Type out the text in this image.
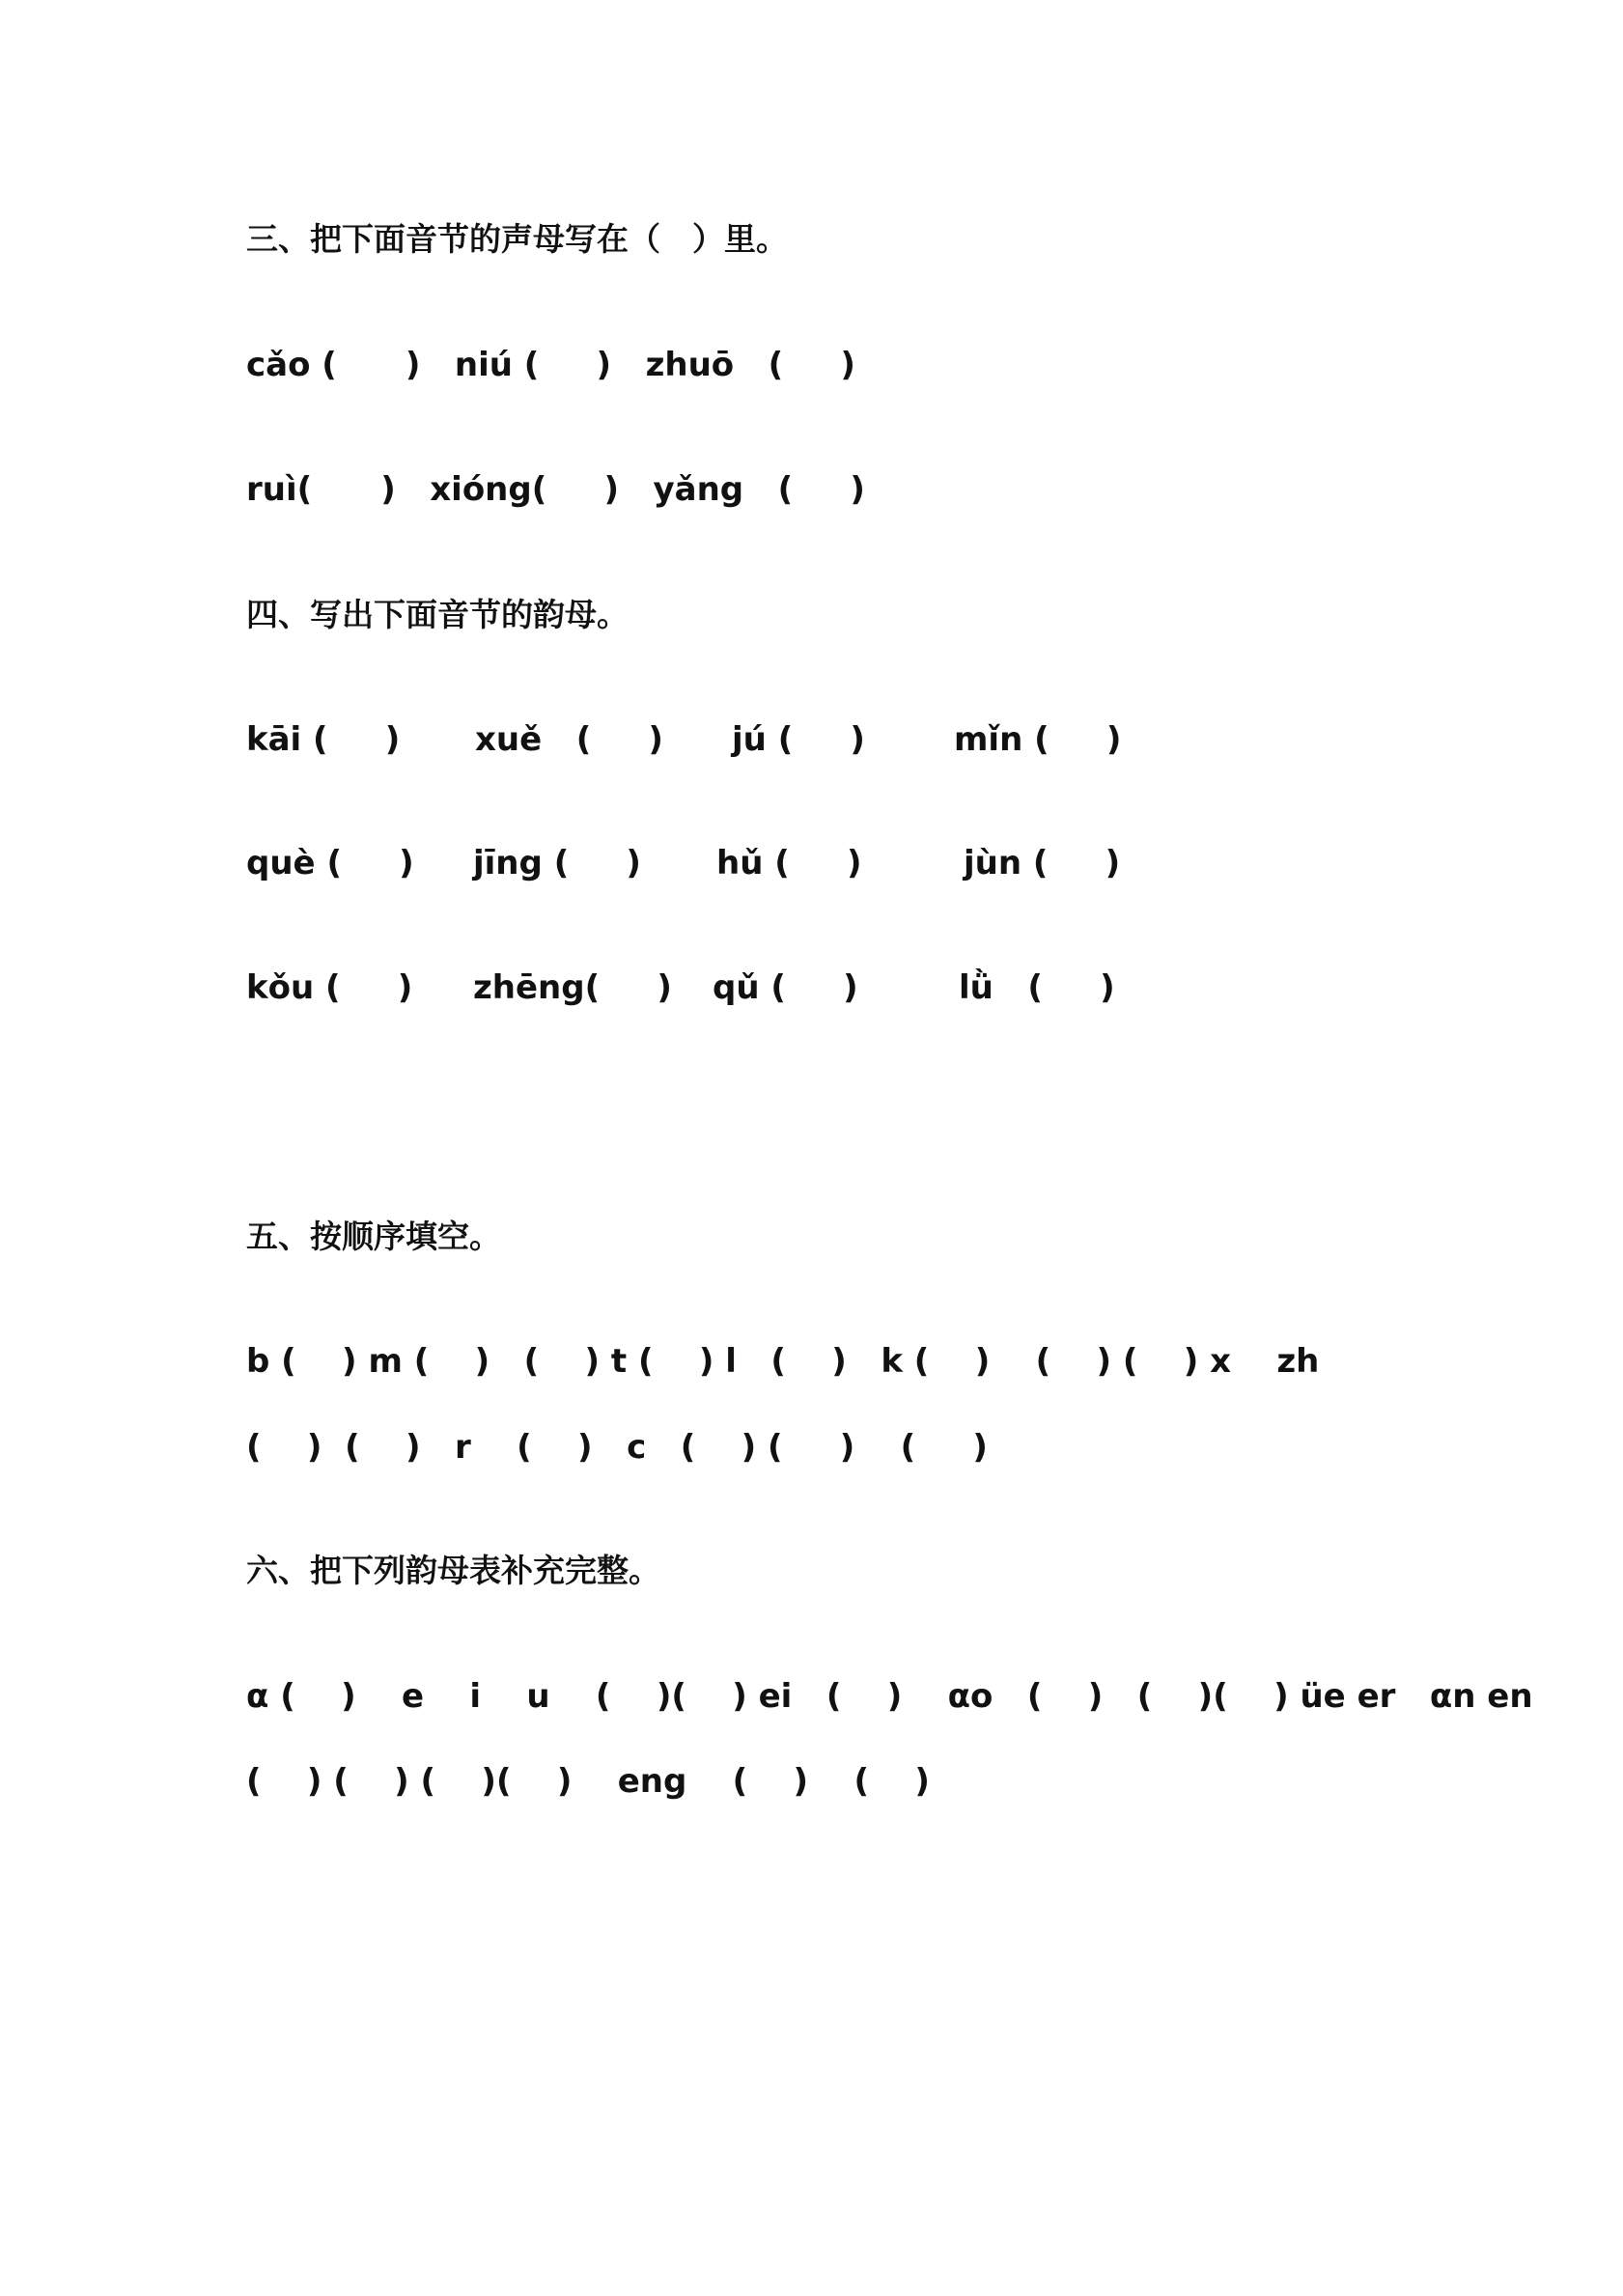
三、把下面音节的声母写在（　）里。
cǎo (      )   niú (     )   zhuō   (     )
ruì(      )   xióng(     )   yǎng   (     )
四、写出下面音节的韵母。
kāi (     ) xuě   (     ) jú (     )	mǐn (     )
què (     ) jīng (     ) hǔ (     )	jùn (     )
kǒu (     ) zhēng(     ) qǔ (     )	lǜ   (     )
五、按顺序填空。
b (    ) m (    )   (    ) t (    ) l   (    )   k (    )    (    ) (    ) x    zh
(    )  (    )   r    (    )   c   (    ) (     )    (     )
六、把下列韵母表补充完整。
α (    )    e    i    u    (    )(    ) ei   (    )    αo   (    )   (    )(    ) üe er   αn en
(    ) (    ) (    )(    )    eng    (    )    (    )
